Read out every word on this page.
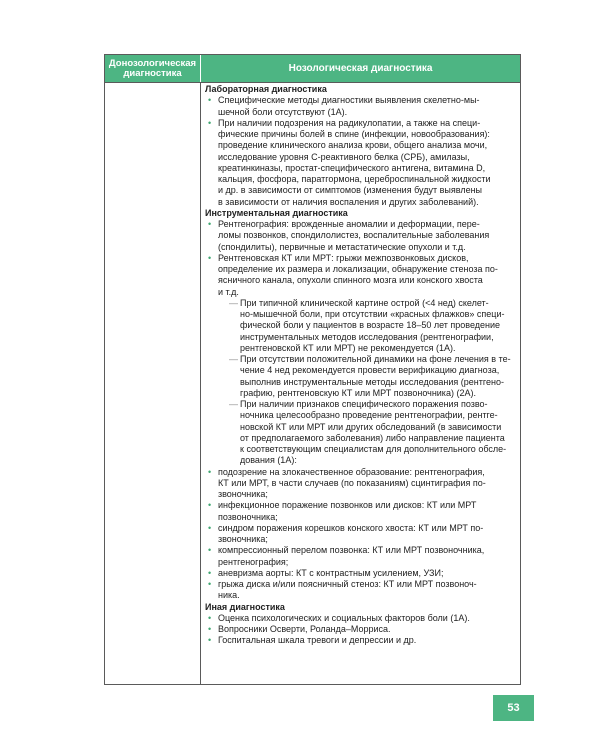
Донозологическая диагностика	Нозологическая диагностика
Лабораторная диагностика
• Специфические методы диагностики выявления скелетно-мы-
шечной боли отсутствуют (1А).
• При наличии подозрения на радикулопатии, а также на специ-
фические причины болей в спине (инфекции, новообразования):
проведение клинического анализа крови, общего анализа мочи,
исследование уровня С-реактивного белка (СРБ), амилазы,
креатинкиназы, простат-специфического антигена, витамина D,
кальция, фосфора, паратгормона, цереброспинальной жидкости
и др. в зависимости от симптомов (изменения будут выявлены
в зависимости от наличия воспаления и других заболеваний).
Инструментальная диагностика
• Рентгенография: врожденные аномалии и деформации, пере-
ломы позвонков, спондилолистез, воспалительные заболевания
(спондилиты), первичные и метастатические опухоли и т.д.
• Рентгеновская КТ или МРТ: грыжи межпозвонковых дисков,
определение их размера и локализации, обнаружение стеноза по-
ясничного канала, опухоли спинного мозга или конского хвоста
и т.д.
— При типичной клинической картине острой (<4 нед) скелет-
но-мышечной боли, при отсутствии «красных флажков» специ-
фической боли у пациентов в возрасте 18–50 лет проведение
инструментальных методов исследования (рентгенографии,
рентгеновской КТ или МРТ) не рекомендуется (1А).
— При отсутствии положительной динамики на фоне лечения в те-
чение 4 нед рекомендуется провести верификацию диагноза,
выполнив инструментальные методы исследования (рентгено-
графию, рентгеновскую КТ или МРТ позвоночника) (2А).
— При наличии признаков специфического поражения позво-
ночника целесообразно проведение рентгенографии, рентге-
новской КТ или МРТ или других обследований (в зависимости
от предполагаемого заболевания) либо направление пациента
к соответствующим специалистам для дополнительного обсле-
дования (1А):
• подозрение на злокачественное образование: рентгенография,
КТ или МРТ, в части случаев (по показаниям) сцинтиграфия по-
звоночника;
• инфекционное поражение позвонков или дисков: КТ или МРТ
позвоночника;
• синдром поражения корешков конского хвоста: КТ или МРТ по-
звоночника;
• компрессионный перелом позвонка: КТ или МРТ позвоночника,
рентгенография;
• аневризма аорты: КТ с контрастным усилением, УЗИ;
• грыжа диска и/или поясничный стеноз: КТ или МРТ позвоноч-
ника.
Иная диагностика
• Оценка психологических и социальных факторов боли (1А).
• Вопросники Осверти, Роланда–Морриса.
• Госпитальная шкала тревоги и депрессии и др.
53
